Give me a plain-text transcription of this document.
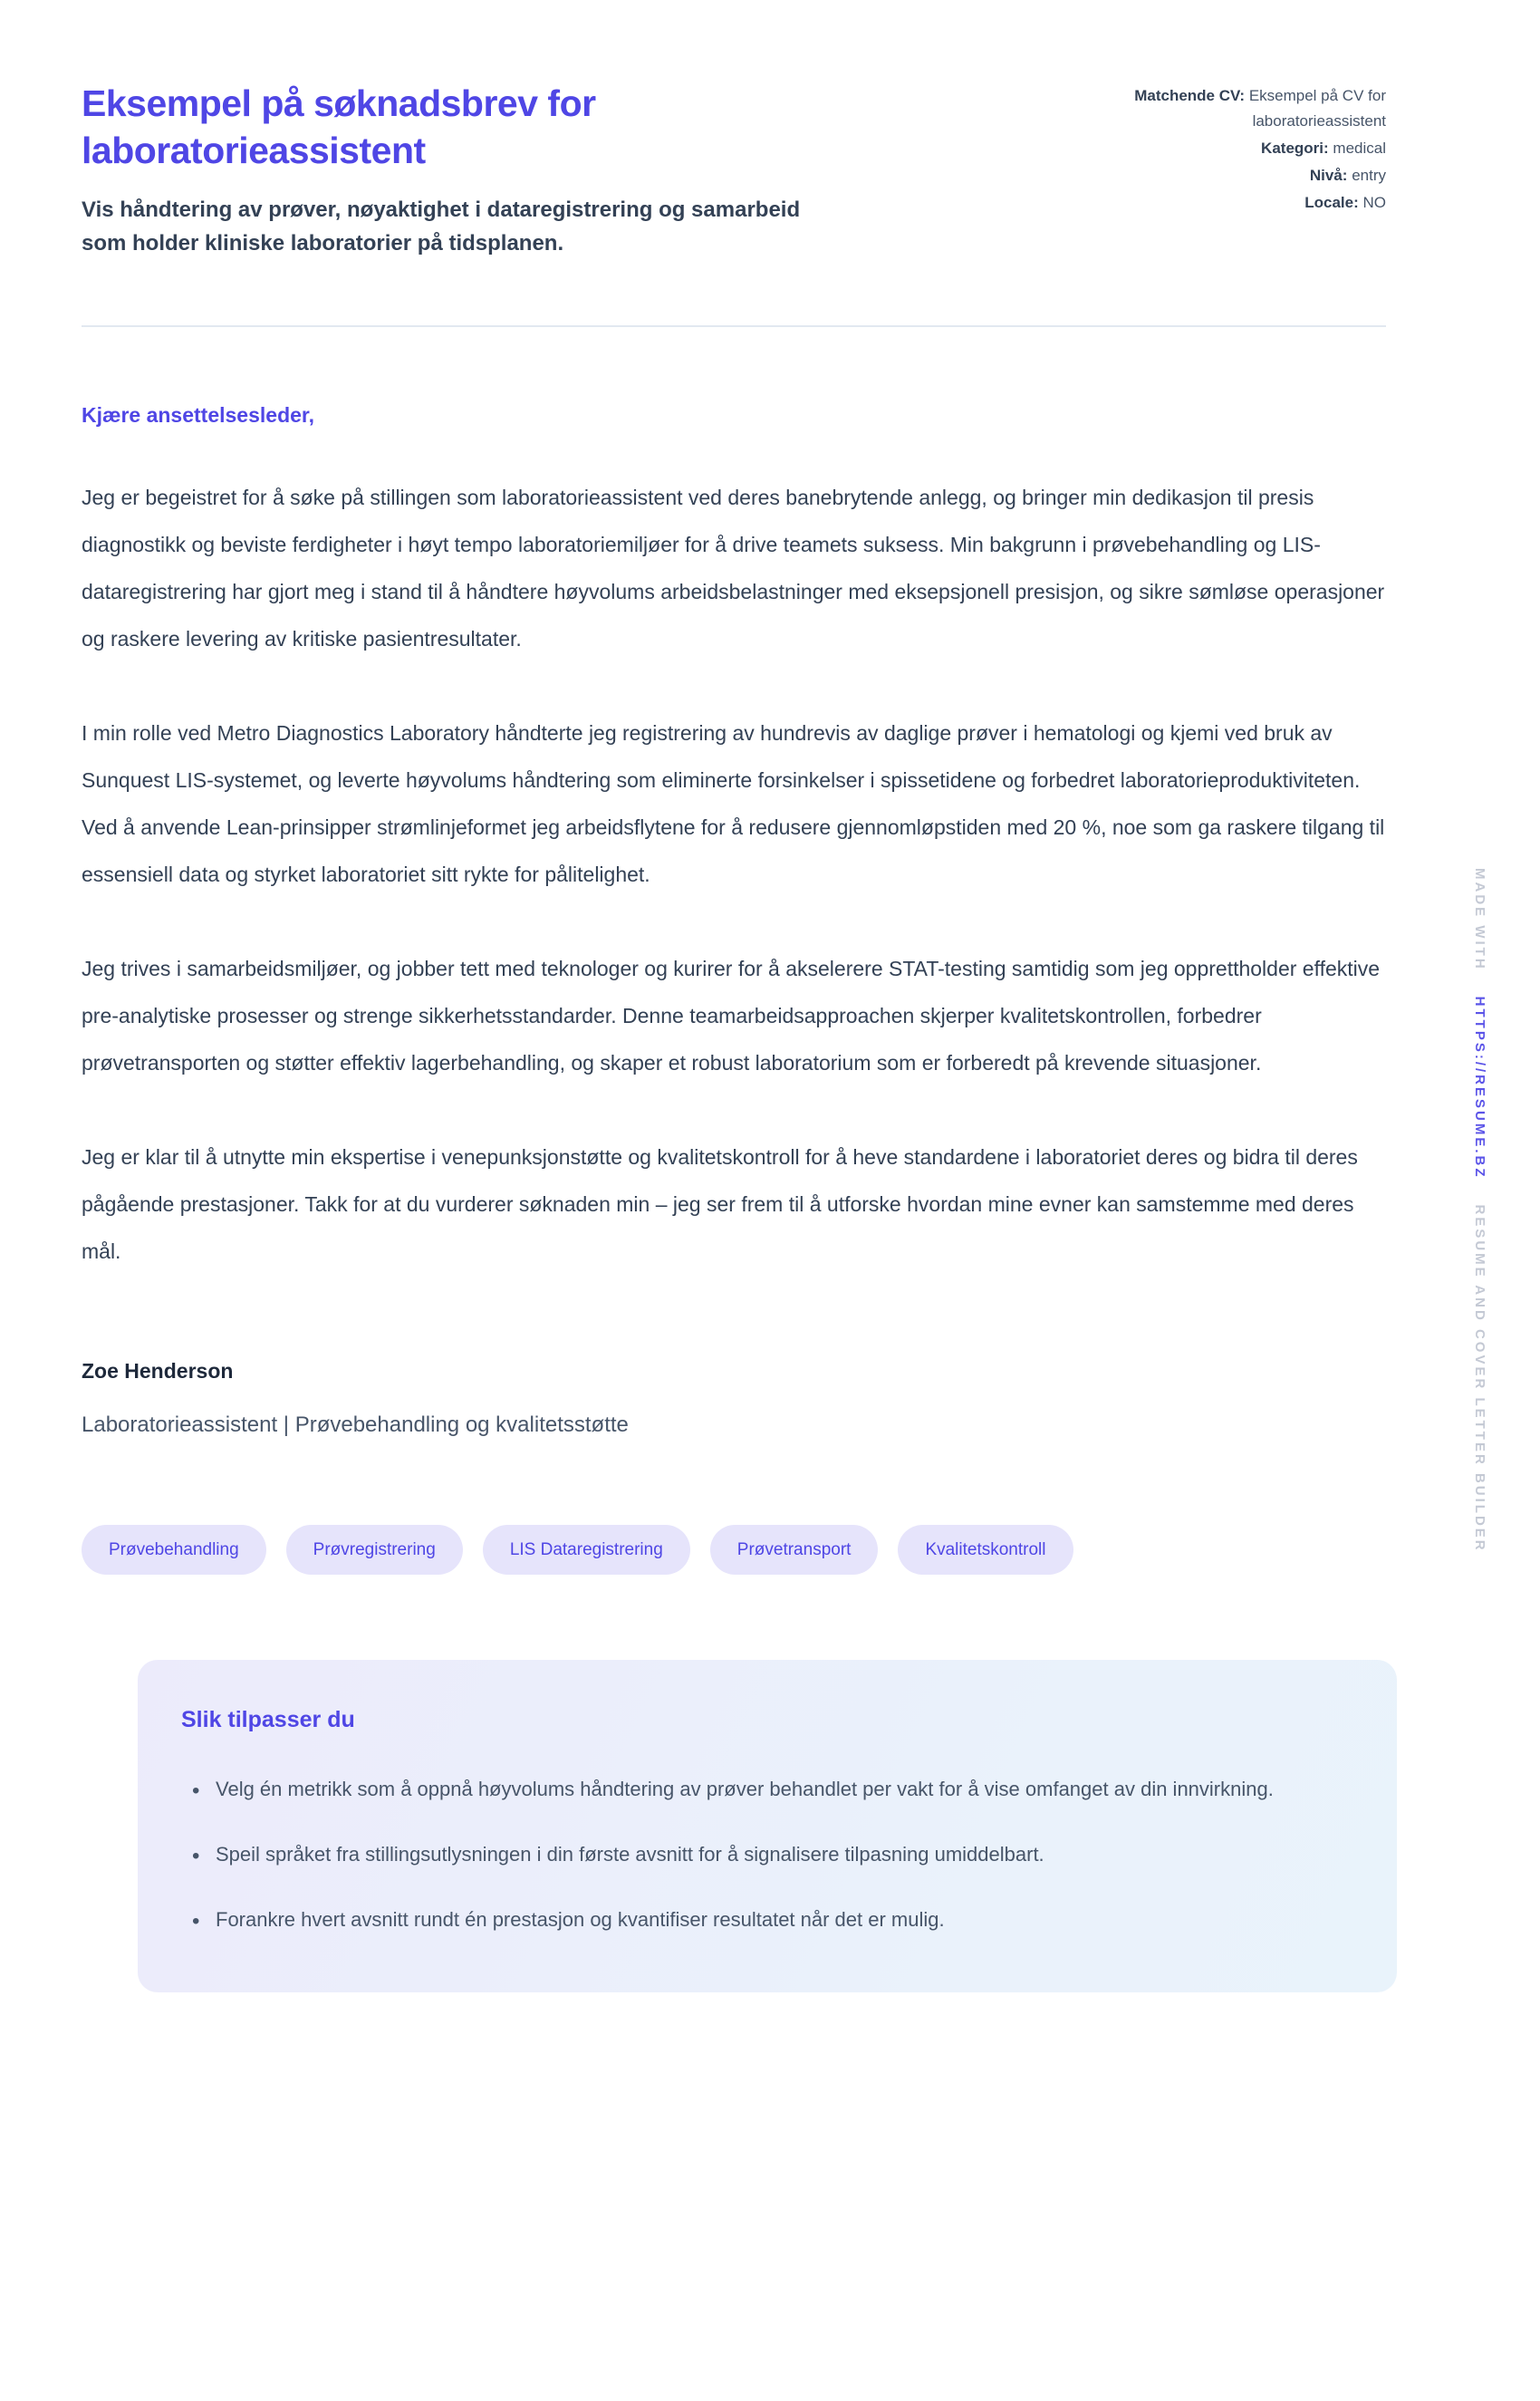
Eksempel på søknadsbrev for laboratorieassistent
Vis håndtering av prøver, nøyaktighet i dataregistrering og samarbeid som holder kliniske laboratorier på tidsplanen.
Matchende CV: Eksempel på CV for laboratorieassistent
Kategori: medical
Nivå: entry
Locale: NO
Kjære ansettelsesleder,

Jeg er begeistret for å søke på stillingen som laboratorieassistent ved deres banebrytende anlegg, og bringer min dedikasjon til presis diagnostikk og beviste ferdigheter i høyt tempo laboratoriemiljøer for å drive teamets suksess. Min bakgrunn i prøvebehandling og LIS-dataregistrering har gjort meg i stand til å håndtere høyvolums arbeidsbelastninger med eksepsjonell presisjon, og sikre sømløse operasjoner og raskere levering av kritiske pasientresultater.

I min rolle ved Metro Diagnostics Laboratory håndterte jeg registrering av hundrevis av daglige prøver i hematologi og kjemi ved bruk av Sunquest LIS-systemet, og leverte høyvolums håndtering som eliminerte forsinkelser i spissetidene og forbedret laboratorieproduktiviteten. Ved å anvende Lean-prinsipper strømlinjeformet jeg arbeidsflytene for å redusere gjennomløpstiden med 20 %, noe som ga raskere tilgang til essensiell data og styrket laboratoriet sitt rykte for pålitelighet.

Jeg trives i samarbeidsmiljøer, og jobber tett med teknologer og kurirer for å akselerere STAT-testing samtidig som jeg opprettholder effektive pre-analytiske prosesser og strenge sikkerhetsstandarder. Denne teamarbeidsapproachen skjerper kvalitetskontrollen, forbedrer prøvetransporten og støtter effektiv lagerbehandling, og skaper et robust laboratorium som er forberedt på krevende situasjoner.

Jeg er klar til å utnytte min ekspertise i venepunksjonstøtte og kvalitetskontroll for å heve standardene i laboratoriet deres og bidra til deres pågående prestasjoner. Takk for at du vurderer søknaden min – jeg ser frem til å utforske hvordan mine evner kan samstemme med deres mål.

Zoe Henderson
Laboratorieassistent | Prøvebehandling og kvalitetsstøtte
Prøvebehandling	Prøvregistrering	LIS Dataregistrering	Prøvetransport	Kvalitetskontroll
Slik tilpasser du
• Velg én metrikk som å oppnå høyvolums håndtering av prøver behandlet per vakt for å vise omfanget av din innvirkning.
• Speil språket fra stillingsutlysningen i din første avsnitt for å signalisere tilpasning umiddelbart.
• Forankre hvert avsnitt rundt én prestasjon og kvantifiser resultatet når det er mulig.
MADE WITHHTTPS://RESUME.BZRESUME AND COVER LETTER BUILDER
